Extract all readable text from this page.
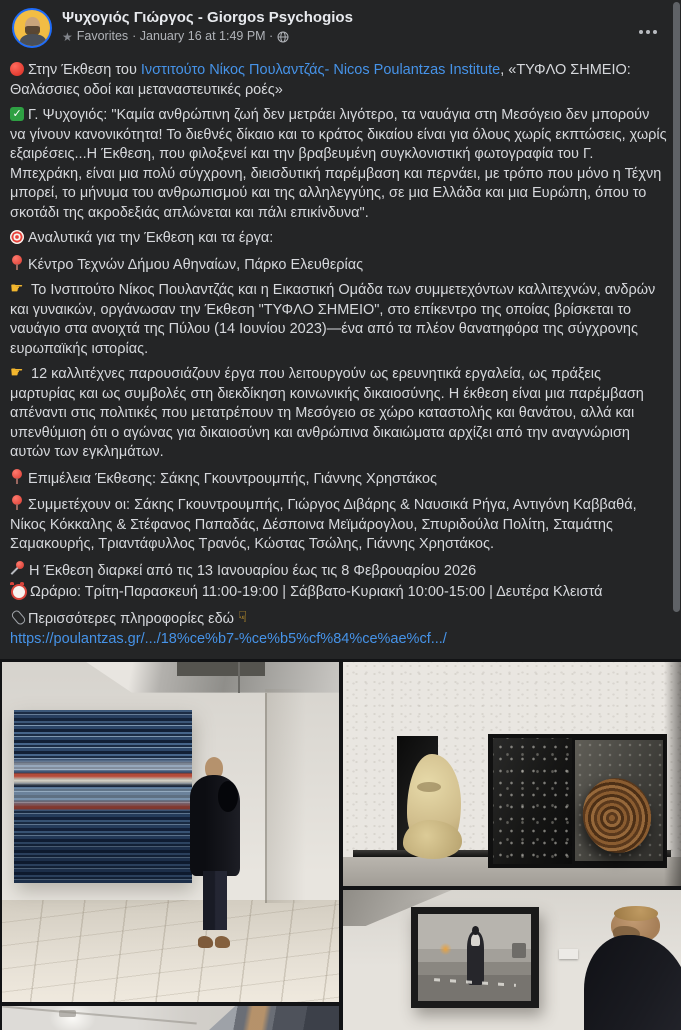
Ψυχογιός Γιώργος - Giorgos Psychogios
★ Favorites · January 16 at 1:49 PM ·
Στην Έκθεση του Ινστιτούτο Νίκος Πουλαντζάς- Nicos Poulantzas Institute, «ΤΥΦΛΟ ΣΗΜΕΙΟ: Θαλάσσιες οδοί και μεταναστευτικές ροές»
✓Γ. Ψυχογιός: "Καμία ανθρώπινη ζωή δεν μετράει λιγότερο, τα ναυάγια στη Μεσόγειο δεν μπορούν να γίνουν κανονικότητα! Το διεθνές δίκαιο και το κράτος δικαίου είναι για όλους χωρίς εκπτώσεις, χωρίς εξαιρέσεις...Η Έκθεση, που φιλοξενεί και την βραβευμένη συγκλονιστική φωτογραφία του Γ. Μπεχράκη, είναι μια πολύ σύγχρονη, διεισδυτική παρέμβαση και περνάει, με τρόπο που μόνο η Τέχνη μπορεί, το μήνυμα του ανθρωπισμού και της αλληλεγγύης, σε μια Ελλάδα και μια Ευρώπη, όπου το σκοτάδι της ακροδεξιάς απλώνεται και πάλι επικίνδυνα".
Αναλυτικά για την Έκθεση και τα έργα:
Κέντρο Τεχνών Δήμου Αθηναίων, Πάρκο Ελευθερίας
☛Το Ινστιτούτο Νίκος Πουλαντζάς και η Εικαστική Ομάδα των συμμετεχόντων καλλιτεχνών, ανδρών και γυναικών, οργάνωσαν την Έκθεση "ΤΥΦΛΟ ΣΗΜΕΙΟ", στο επίκεντρο της οποίας βρίσκεται το ναυάγιο στα ανοιχτά της Πύλου (14 Ιουνίου 2023)—ένα από τα πλέον θανατηφόρα της σύγχρονης ευρωπαϊκής ιστορίας.
☛12 καλλιτέχνες παρουσιάζουν έργα που λειτουργούν ως ερευνητικά εργαλεία, ως πράξεις μαρτυρίας και ως συμβολές στη διεκδίκηση κοινωνικής δικαιοσύνης. Η έκθεση είναι μια παρέμβαση απέναντι στις πολιτικές που μετατρέπουν τη Μεσόγειο σε χώρο καταστολής και θανάτου, αλλά και υπενθύμιση ότι ο αγώνας για δικαιοσύνη και ανθρώπινα δικαιώματα αρχίζει από την αναγνώριση αυτών των εγκλημάτων.
Επιμέλεια Έκθεσης: Σάκης Γκουντρουμπής, Γιάννης Χρηστάκος
Συμμετέχουν οι: Σάκης Γκουντρουμπής, Γιώργος Διβάρης & Ναυσικά Ρήγα, Αντιγόνη Καββαθά, Νίκος Κόκκαλης & Στέφανος Παπαδάς, Δέσποινα Μεϊμάρογλου, Σπυριδούλα Πολίτη, Σταμάτης Σαμακουρής, Τριαντάφυλλος Τρανός, Κώστας Τσώλης, Γιάννης Χρηστάκος.
Η Έκθεση διαρκεί από τις 13 Ιανουαρίου έως τις 8 Φεβρουαρίου 2026
Ωράριο: Τρίτη-Παρασκευή 11:00-19:00 | Σάββατο-Κυριακή 10:00-15:00 | Δευτέρα Κλειστά
Περισσότερες πληροφορίες εδώ☟
https://poulantzas.gr/.../18%ce%b7-%ce%b5%cf%84%ce%ae%cf.../
